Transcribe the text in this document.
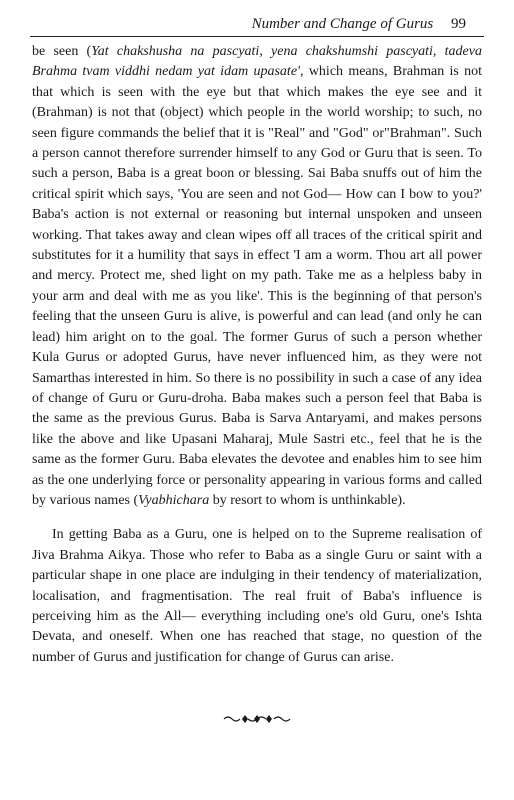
Number and Change of Gurus 99

be seen (Yat chakshusha na pascyati, yena chakshumshi pascyati, tadeva Brahma tvam viddhi nedam yat idam upasate', which means, Brahman is not that which is seen with the eye but that which makes the eye see and it (Brahman) is not that (object) which people in the world worship; to such, no seen figure commands the belief that it is "Real" and "God" or"Brahman". Such a person cannot therefore surrender himself to any God or Guru that is seen. To such a person, Baba is a great boon or blessing. Sai Baba snuffs out of him the critical spirit which says, 'You are seen and not God— How can I bow to you?' Baba's action is not external or reasoning but internal unspoken and unseen working. That takes away and clean wipes off all traces of the critical spirit and substitutes for it a humility that says in effect 'I am a worm. Thou art all power and mercy. Protect me, shed light on my path. Take me as a helpless baby in your arm and deal with me as you like'. This is the beginning of that person's feeling that the unseen Guru is alive, is powerful and can lead (and only he can lead) him aright on to the goal. The former Gurus of such a person whether Kula Gurus or adopted Gurus, have never influenced him, as they were not Samarthas interested in him. So there is no possibility in such a case of any idea of change of Guru or Guru-droha. Baba makes such a person feel that Baba is the same as the previous Gurus. Baba is Sarva Antaryami, and makes persons like the above and like Upasani Maharaj, Mule Sastri etc., feel that he is the same as the former Guru. Baba elevates the devotee and enables him to see him as the one underlying force or personality appearing in various forms and called by various names (Vyabhichara by resort to whom is unthinkable).

In getting Baba as a Guru, one is helped on to the Supreme realisation of Jiva Brahma Aikya. Those who refer to Baba as a single Guru or saint with a particular shape in one place are indulging in their tendency of materialization, localisation, and fragmentisation. The real fruit of Baba's influence is perceiving him as the All— everything including one's old Guru, one's Ishta Devata, and oneself. When one has reached that stage, no question of the number of Gurus and justification for change of Gurus can arise.
